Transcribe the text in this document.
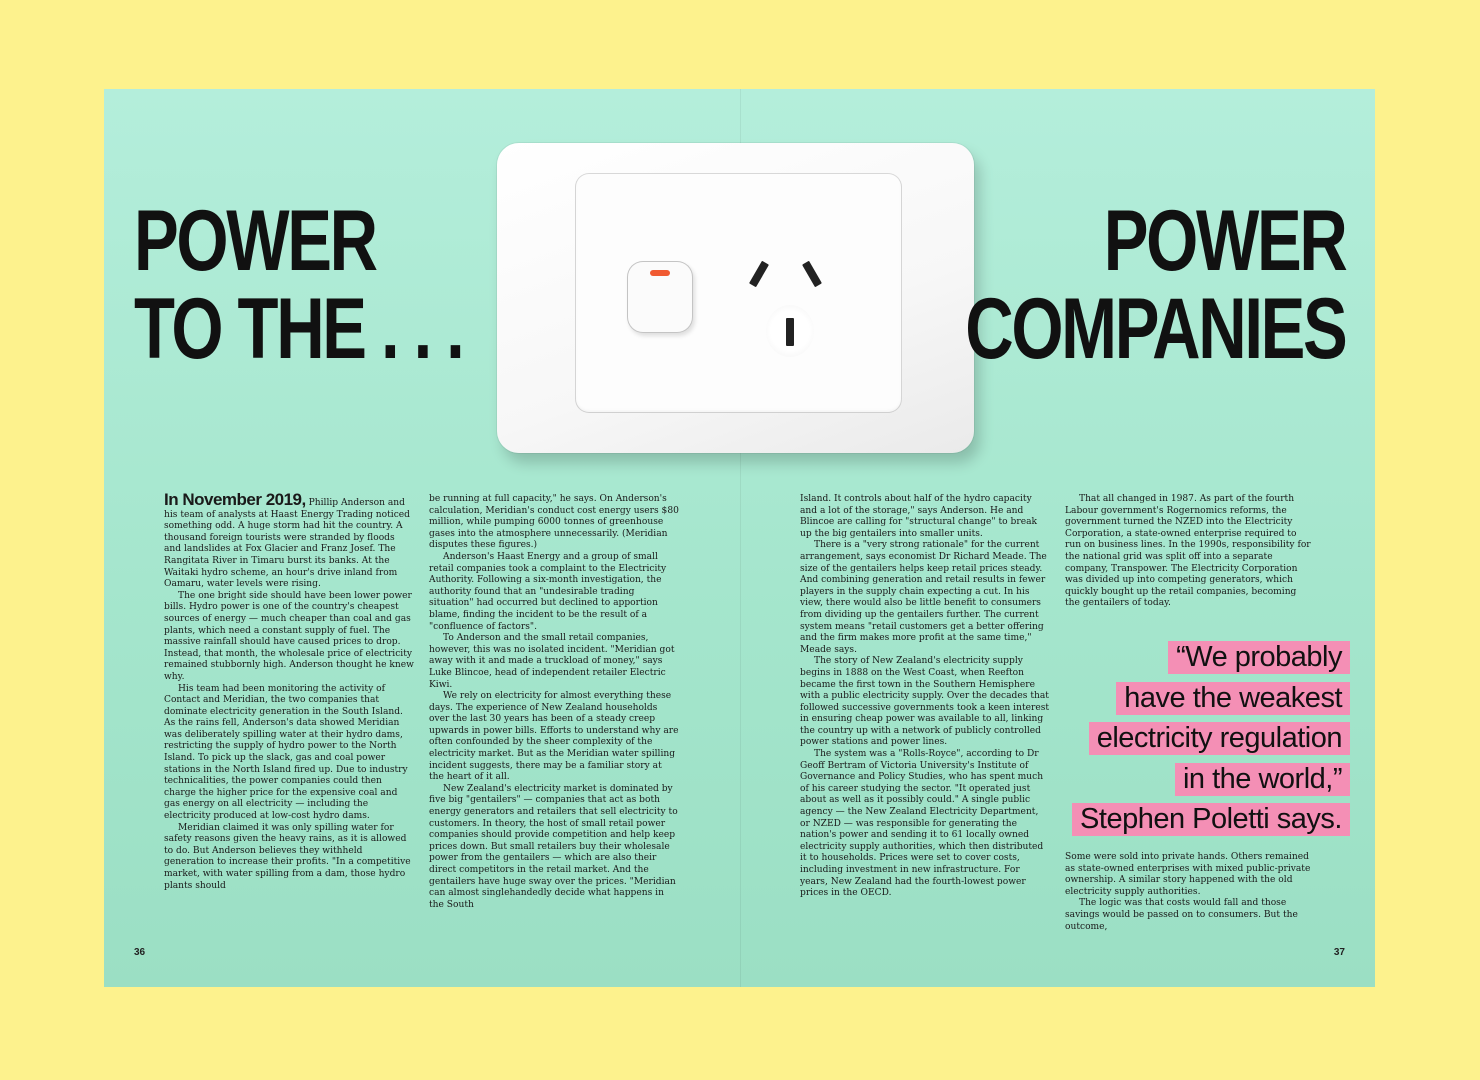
POWER
TO THE . . .
POWER
COMPANIES

In November 2019, Phillip Anderson and his team of analysts at Haast Energy Trading noticed something odd. A huge storm had hit the country. A thousand foreign tourists were stranded by floods and landslides at Fox Glacier and Franz Josef. The Rangitata River in Timaru burst its banks. At the Waitaki hydro scheme, an hour's drive inland from Oamaru, water levels were rising.

The one bright side should have been lower power bills. Hydro power is one of the country's cheapest sources of energy — much cheaper than coal and gas plants, which need a constant supply of fuel. The massive rainfall should have caused prices to drop. Instead, that month, the wholesale price of electricity remained stubbornly high. Anderson thought he knew why.

His team had been monitoring the activity of Contact and Meridian, the two companies that dominate electricity generation in the South Island. As the rains fell, Anderson's data showed Meridian was deliberately spilling water at their hydro dams, restricting the supply of hydro power to the North Island. To pick up the slack, gas and coal power stations in the North Island fired up. Due to industry technicalities, the power companies could then charge the higher price for the expensive coal and gas energy on all electricity — including the electricity produced at low-cost hydro dams.

Meridian claimed it was only spilling water for safety reasons given the heavy rains, as it is allowed to do. But Anderson believes they withheld generation to increase their profits. "In a competitive market, with water spilling from a dam, those hydro plants should

be running at full capacity," he says. On Anderson's calculation, Meridian's conduct cost energy users $80 million, while pumping 6000 tonnes of greenhouse gases into the atmosphere unnecessarily. (Meridian disputes these figures.)

Anderson's Haast Energy and a group of small retail companies took a complaint to the Electricity Authority. Following a six-month investigation, the authority found that an "undesirable trading situation" had occurred but declined to apportion blame, finding the incident to be the result of a "confluence of factors".

To Anderson and the small retail companies, however, this was no isolated incident. "Meridian got away with it and made a truckload of money," says Luke Blincoe, head of independent retailer Electric Kiwi.

We rely on electricity for almost everything these days. The experience of New Zealand households over the last 30 years has been of a steady creep upwards in power bills. Efforts to understand why are often confounded by the sheer complexity of the electricity market. But as the Meridian water spilling incident suggests, there may be a familiar story at the heart of it all.

New Zealand's electricity market is dominated by five big "gentailers" — companies that act as both energy generators and retailers that sell electricity to customers. In theory, the host of small retail power companies should provide competition and help keep prices down. But small retailers buy their wholesale power from the gentailers — which are also their direct competitors in the retail market. And the gentailers have huge sway over the prices. "Meridian can almost singlehandedly decide what happens in the South

Island. It controls about half of the hydro capacity and a lot of the storage," says Anderson. He and Blincoe are calling for "structural change" to break up the big gentailers into smaller units.

There is a "very strong rationale" for the current arrangement, says economist Dr Richard Meade. The size of the gentailers helps keep retail prices steady. And combining generation and retail results in fewer players in the supply chain expecting a cut. In his view, there would also be little benefit to consumers from dividing up the gentailers further. The current system means "retail customers get a better offering and the firm makes more profit at the same time," Meade says.

The story of New Zealand's electricity supply begins in 1888 on the West Coast, when Reefton became the first town in the Southern Hemisphere with a public electricity supply. Over the decades that followed successive governments took a keen interest in ensuring cheap power was available to all, linking the country up with a network of publicly controlled power stations and power lines.

The system was a "Rolls-Royce", according to Dr Geoff Bertram of Victoria University's Institute of Governance and Policy Studies, who has spent much of his career studying the sector. "It operated just about as well as it possibly could." A single public agency — the New Zealand Electricity Department, or NZED — was responsible for generating the nation's power and sending it to 61 locally owned electricity supply authorities, which then distributed it to households. Prices were set to cover costs, including investment in new infrastructure. For years, New Zealand had the fourth-lowest power prices in the OECD.

That all changed in 1987. As part of the fourth Labour government's Rogernomics reforms, the government turned the NZED into the Electricity Corporation, a state-owned enterprise required to run on business lines. In the 1990s, responsibility for the national grid was split off into a separate company, Transpower. The Electricity Corporation was divided up into competing generators, which quickly bought up the retail companies, becoming the gentailers of today.

“We probably
have the weakest
electricity regulation
in the world,”
Stephen Poletti says.

Some were sold into private hands. Others remained as state-owned enterprises with mixed public-private ownership. A similar story happened with the old electricity supply authorities.

The logic was that costs would fall and those savings would be passed on to consumers. But the outcome,

36	37
